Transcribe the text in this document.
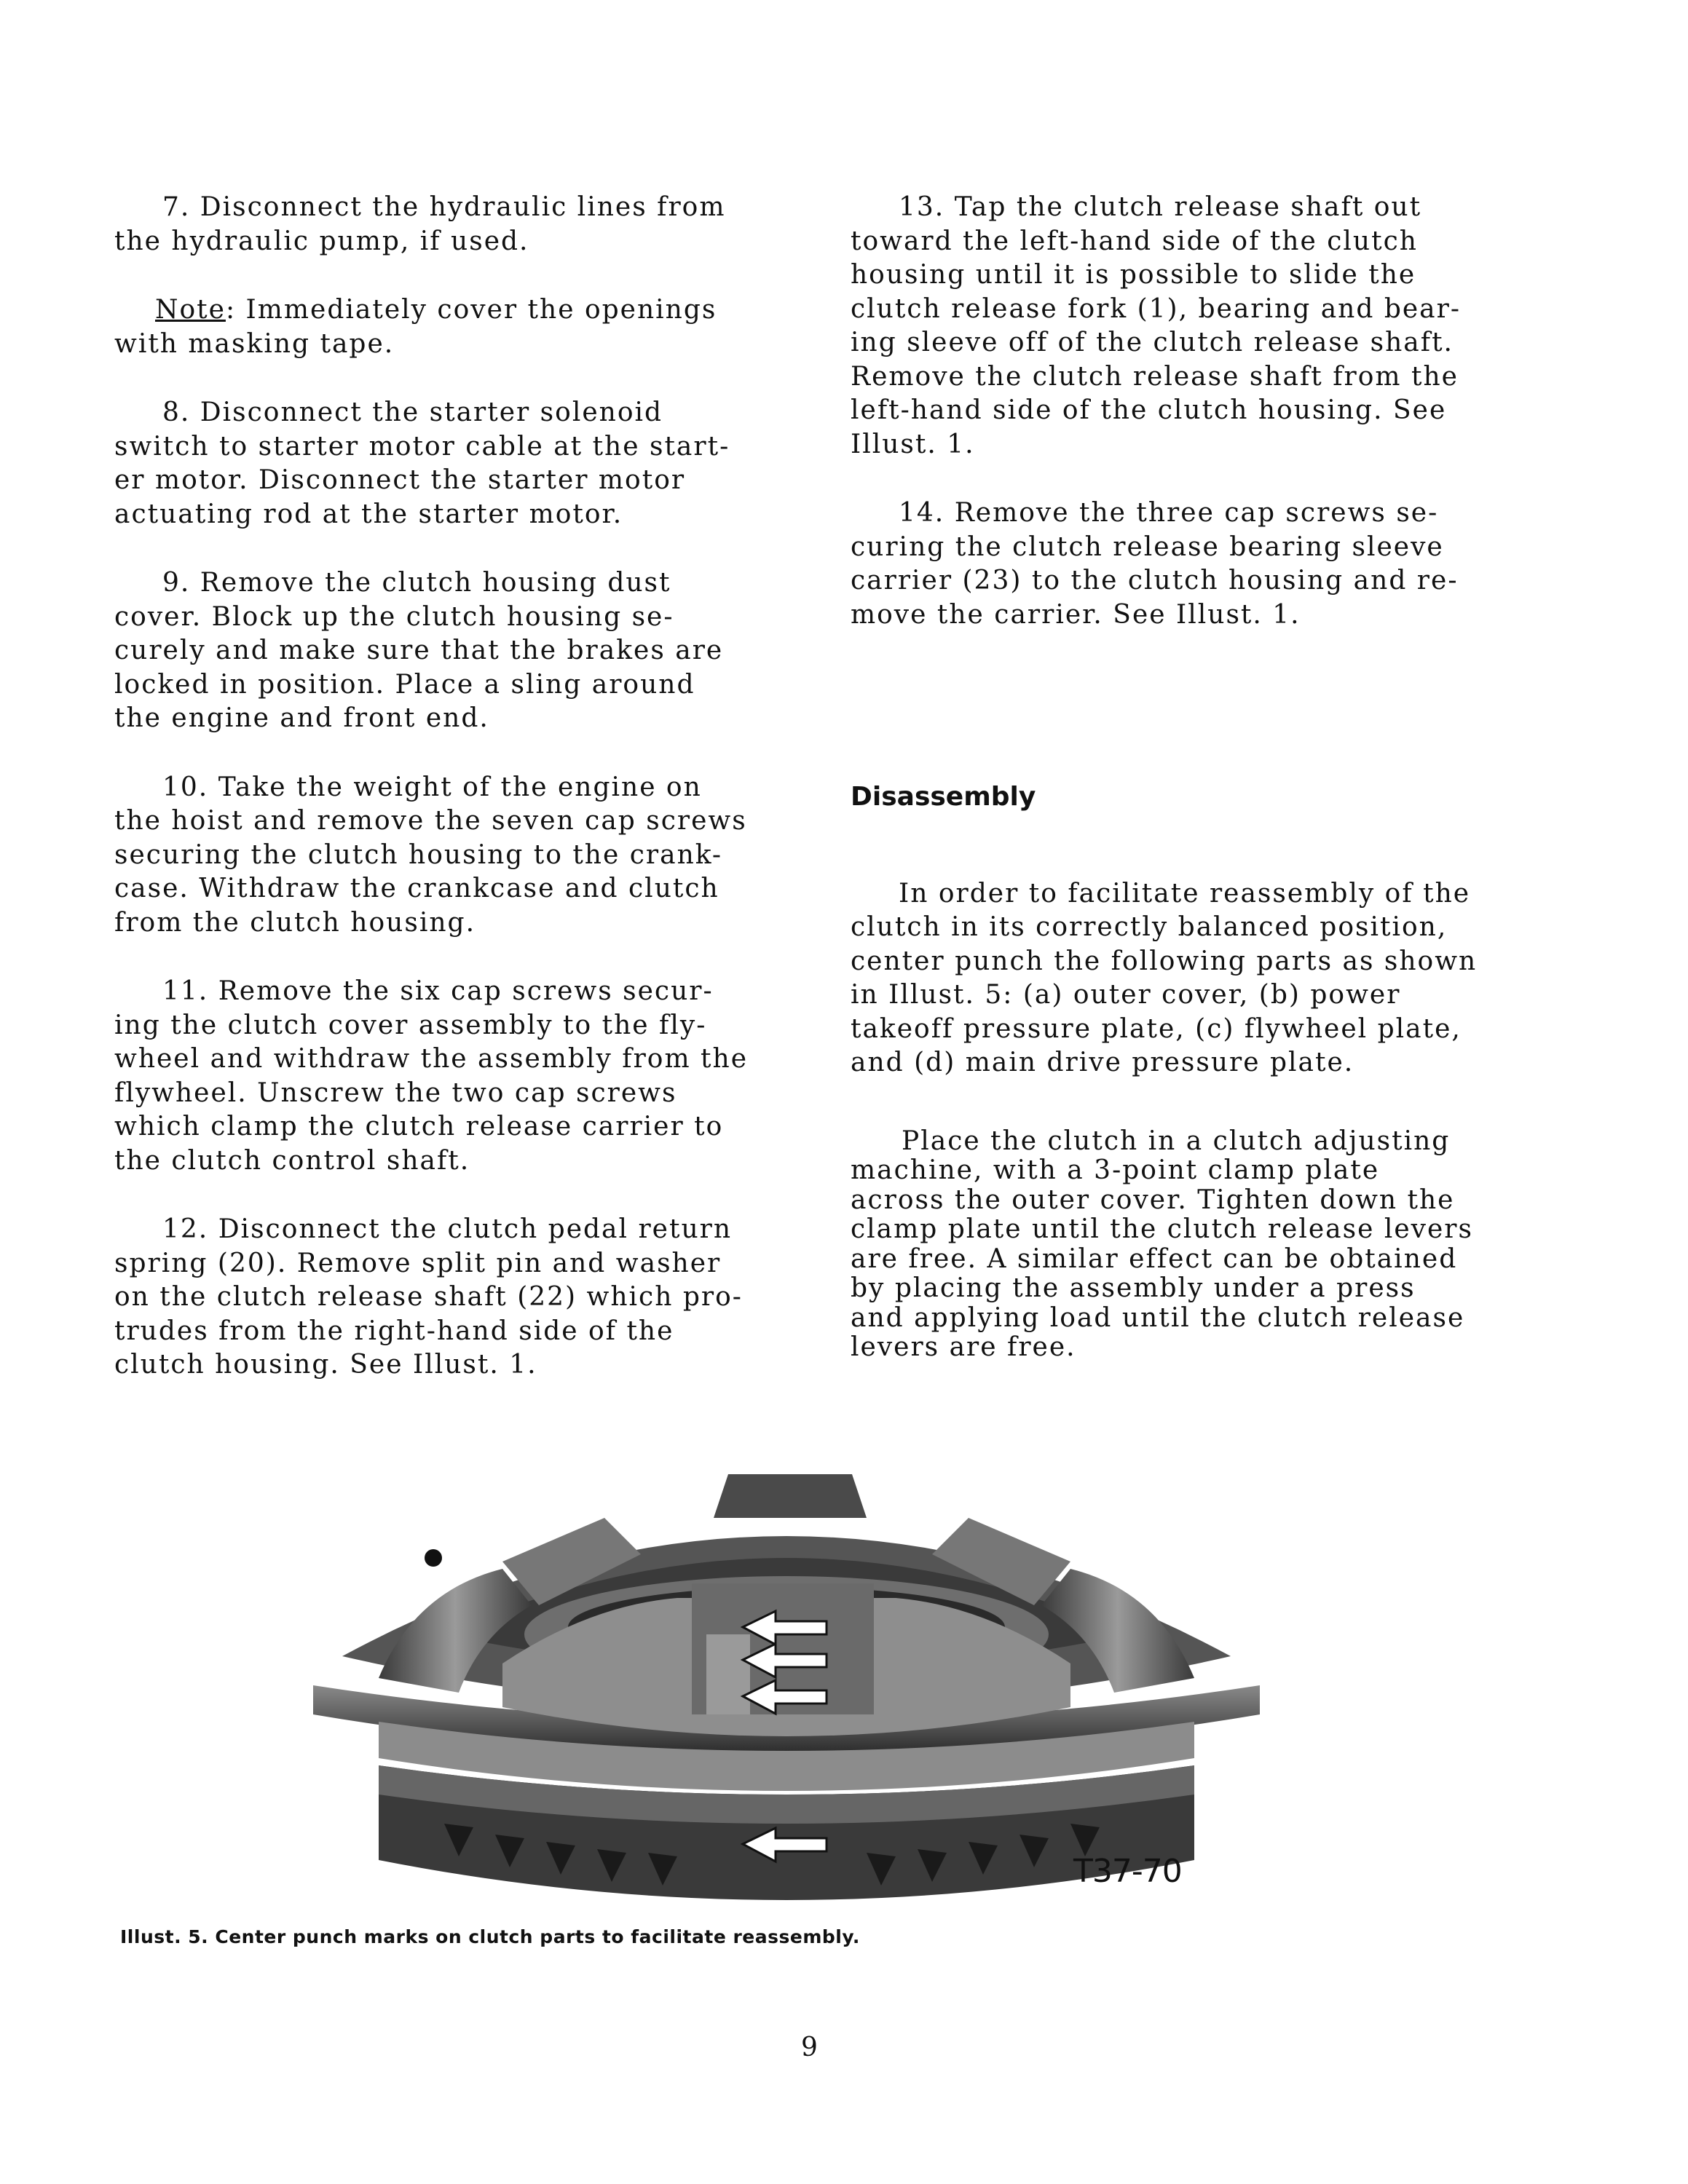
7. Disconnect the hydraulic lines from
the hydraulic pump, if used.

Note: Immediately cover the openings
with masking tape.

8. Disconnect the starter solenoid
switch to starter motor cable at the start-
er motor. Disconnect the starter motor
actuating rod at the starter motor.

9. Remove the clutch housing dust
cover. Block up the clutch housing se-
curely and make sure that the brakes are
locked in position. Place a sling around
the engine and front end.

10. Take the weight of the engine on
the hoist and remove the seven cap screws
securing the clutch housing to the crank-
case. Withdraw the crankcase and clutch
from the clutch housing.

11. Remove the six cap screws secur-
ing the clutch cover assembly to the fly-
wheel and withdraw the assembly from the
flywheel. Unscrew the two cap screws
which clamp the clutch release carrier to
the clutch control shaft.

12. Disconnect the clutch pedal return
spring (20). Remove split pin and washer
on the clutch release shaft (22) which pro-
trudes from the right-hand side of the
clutch housing. See Illust. 1.

13. Tap the clutch release shaft out
toward the left-hand side of the clutch
housing until it is possible to slide the
clutch release fork (1), bearing and bear-
ing sleeve off of the clutch release shaft.
Remove the clutch release shaft from the
left-hand side of the clutch housing. See
Illust. 1.

14. Remove the three cap screws se-
curing the clutch release bearing sleeve
carrier (23) to the clutch housing and re-
move the carrier. See Illust. 1.

Disassembly

In order to facilitate reassembly of the
clutch in its correctly balanced position,
center punch the following parts as shown
in Illust. 5: (a) outer cover, (b) power
takeoff pressure plate, (c) flywheel plate,
and (d) main drive pressure plate.

Place the clutch in a clutch adjusting
machine, with a 3-point clamp plate
across the outer cover. Tighten down the
clamp plate until the clutch release levers
are free. A similar effect can be obtained
by placing the assembly under a press
and applying load until the clutch release
levers are free.

T37-70
Illust. 5. Center punch marks on clutch parts to facilitate reassembly.
9
